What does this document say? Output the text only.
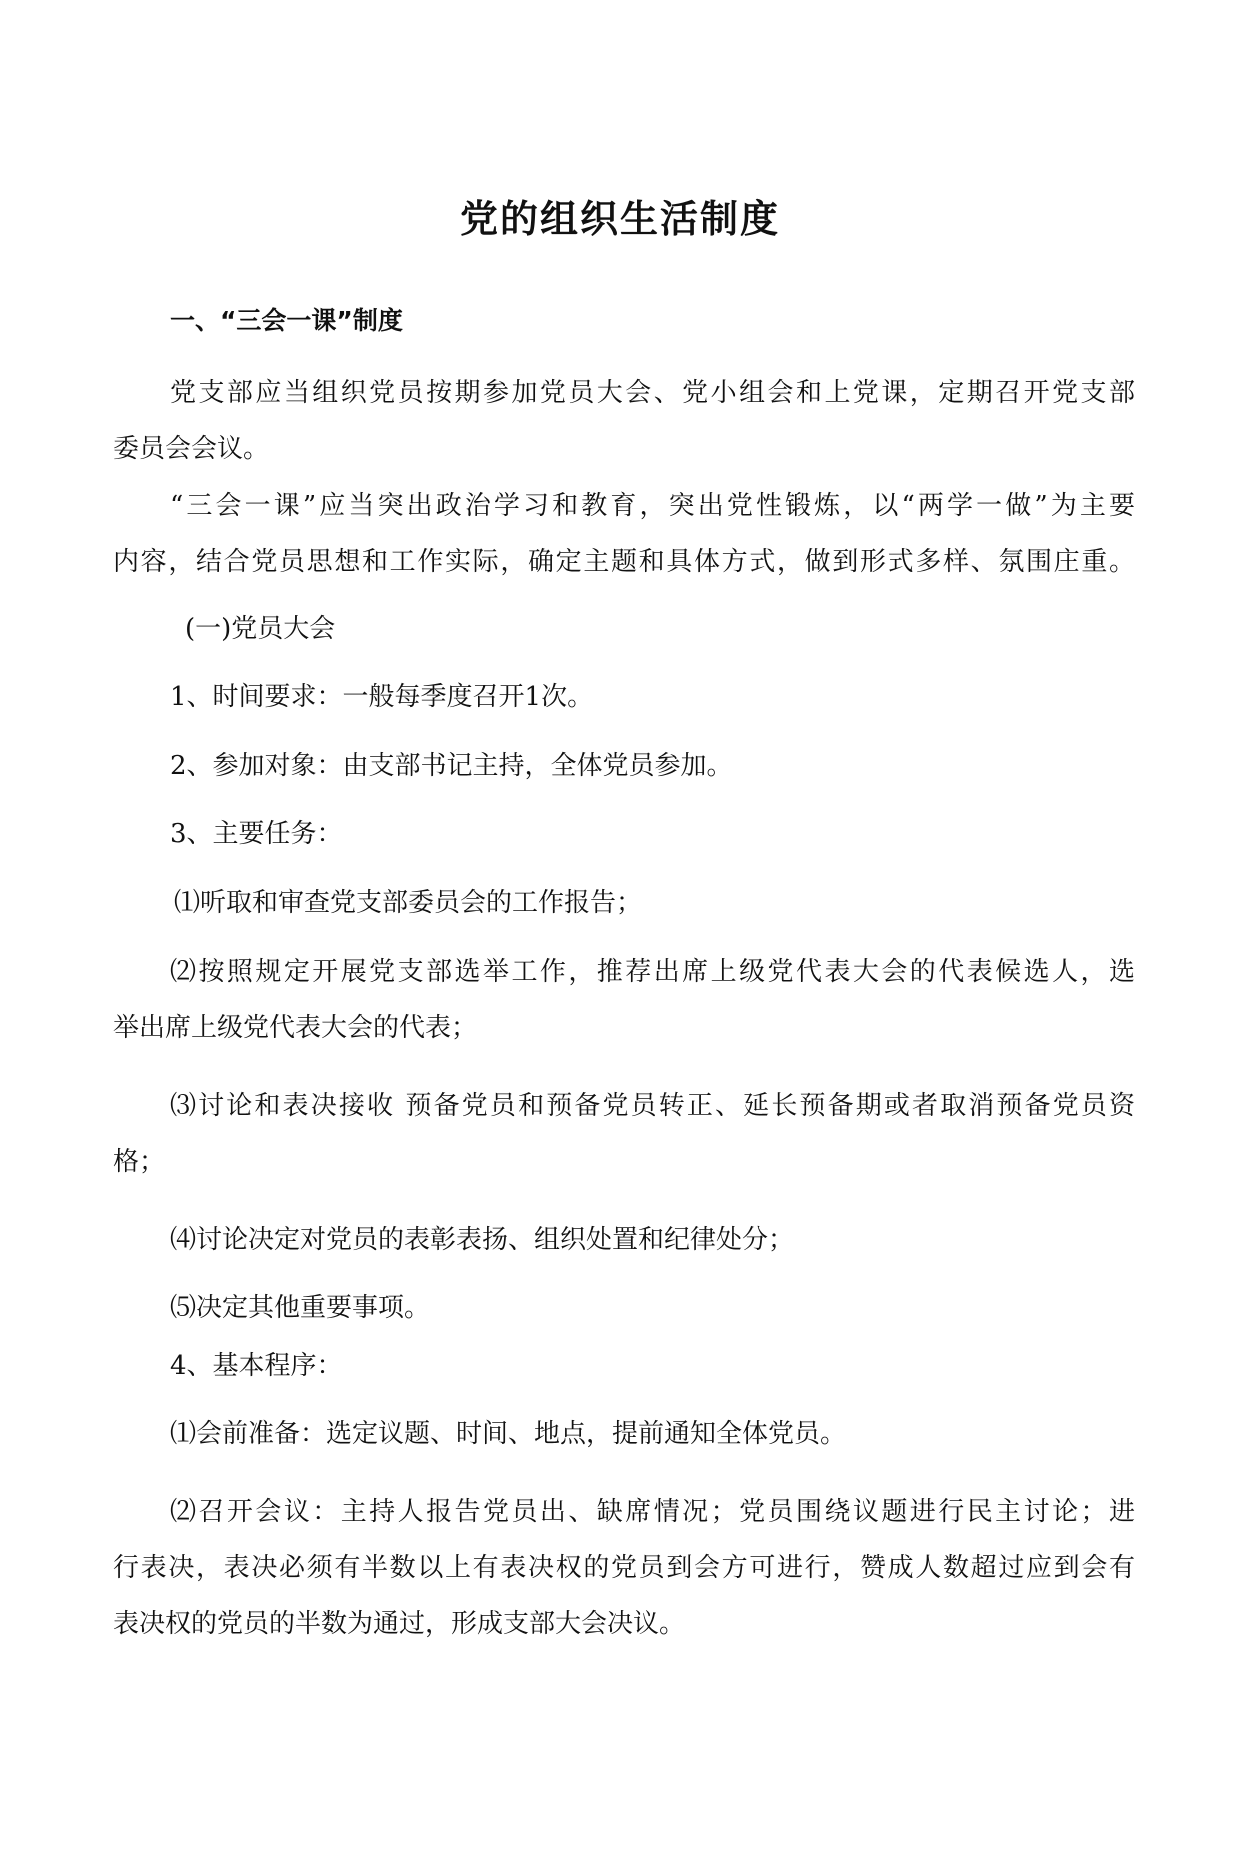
党的组织生活制度

一、“三会一课”制度

党支部应当组织党员按期参加党员大会、党小组会和上党课，定期召开党支部

委员会会议。

“三会一课”应当突出政治学习和教育，突出党性锻炼，以“两学一做”为主要

内容，结合党员思想和工作实际，确定主题和具体方式，做到形式多样、氛围庄重。

(一)党员大会

1、时间要求：一般每季度召开1次。

2、参加对象：由支部书记主持，全体党员参加。

3、主要任务：

⑴听取和审查党支部委员会的工作报告；

⑵按照规定开展党支部选举工作，推荐出席上级党代表大会的代表候选人，选

举出席上级党代表大会的代表；

⑶讨论和表决接收 预备党员和预备党员转正、延长预备期或者取消预备党员资

格；

⑷讨论决定对党员的表彰表扬、组织处置和纪律处分；

⑸决定其他重要事项。

4、基本程序：

⑴会前准备：选定议题、时间、地点，提前通知全体党员。

⑵召开会议：主持人报告党员出、缺席情况；党员围绕议题进行民主讨论；进

行表决，表决必须有半数以上有表决权的党员到会方可进行，赞成人数超过应到会有

表决权的党员的半数为通过，形成支部大会决议。
